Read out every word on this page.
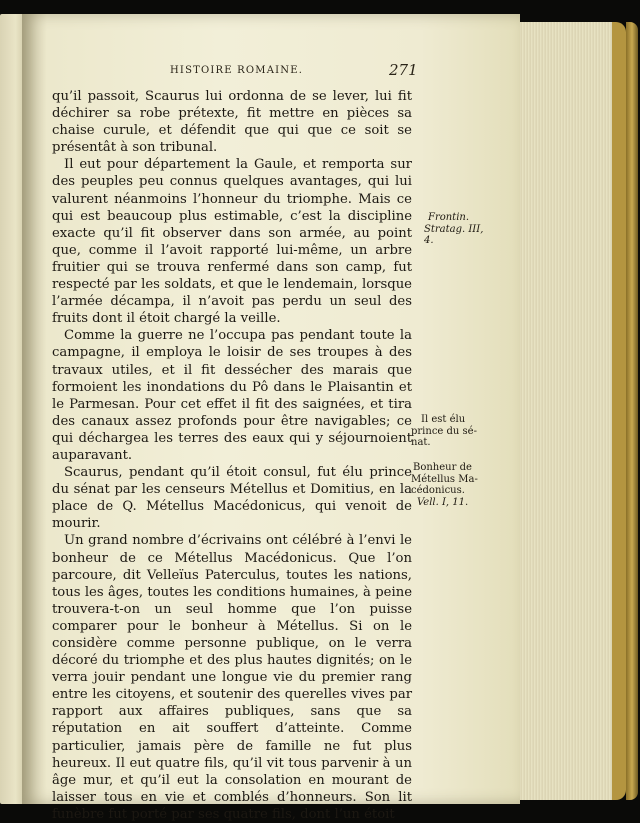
HISTOIRE ROMAINE.	271

qu’il passoit, Scaurus lui ordonna de se lever, lui fit déchirer sa robe prétexte, fit mettre en pièces sa chaise curule, et défendit que qui que ce soit se présentât à son tribunal.

Il eut pour département la Gaule, et remporta sur des peuples peu connus quelques avantages, qui lui valurent néanmoins l’honneur du triomphe. Mais ce qui est beaucoup plus estimable, c’est la discipline exacte qu’il fit observer dans son armée, au point que, comme il l’avoit rapporté lui-même, un arbre fruitier qui se trouva renfermé dans son camp, fut respecté par les soldats, et que le lendemain, lorsque l’armée décampa, il n’avoit pas perdu un seul des fruits dont il étoit chargé la veille.

Comme la guerre ne l’occupa pas pendant toute la campagne, il employa le loisir de ses troupes à des travaux utiles, et il fit dessécher des marais que formoient les inondations du Pô dans le Plaisantin et le Parmesan. Pour cet effet il fit des saignées, et tira des canaux assez profonds pour être navigables; ce qui déchargea les terres des eaux qui y séjournoient auparavant.

Scaurus, pendant qu’il étoit consul, fut élu prince du sénat par les censeurs Métellus et Domitius, en la place de Q. Métellus Macédonicus, qui venoit de mourir.

Un grand nombre d’écrivains ont célébré à l’envi le bonheur de ce Métellus Macédonicus. Que l’on parcoure, dit Velleïus Paterculus, toutes les nations, tous les âges, toutes les conditions humaines, à peine trouvera-t-on un seul homme que l’on puisse comparer pour le bonheur à Métellus. Si on le considère comme personne publique, on le verra décoré du triomphe et des plus hautes dignités; on le verra jouir pendant une longue vie du premier rang entre les citoyens, et soutenir des querelles vives par rapport aux affaires publiques, sans que sa réputation en ait souffert d’atteinte. Comme particulier, jamais père de famille ne fut plus heureux. Il eut quatre fils, qu’il vit tous parvenir à un âge mur, et qu’il eut la consolation en mourant de laisser tous en vie et comblés d’honneurs. Son lit funèbre fut porté par ses quatre fils, dont l’un étoit

Frontin.
Stratag. III,
4.
Il est élu
prince du sé-
nat.
Bonheur de
Métellus Ma-
cédonicus.
Vell. I, 11.
